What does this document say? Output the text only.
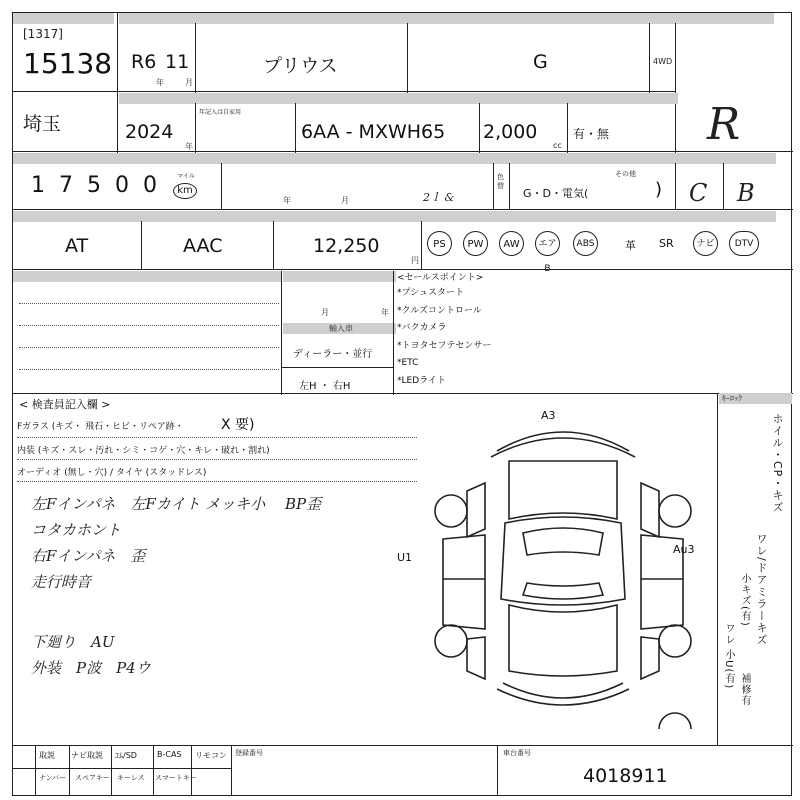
[1317]
15138 R6 11
年	月
プリウス	G	4WD
R
埼玉	2024
年
年記入は自家用
6AA - MXWH65 2,000
cc
有・無
17500 マイル
km
年	月	2ｌ &
色替
G・D・電気(
その他
) C B
AT	AAC	12,250
円
PS	PW	AW	エアB
ABS	革 SR	ナビ	DTV
月	年
輸入車
ディーラー・並行
左H ・ 右H
<セールスポイント>
*プシュスタート
*クルズコントロール
*バクカメラ
*トヨタセフテセンサー
*ETC
*LEDライト
< 検査員記入欄 >
Fガラス (キズ・ 飛石・ヒビ・リペア跡・	X 要)
内装 (キズ・スレ・汚れ・シミ・コゲ・穴・キレ・破れ・割れ)
オーディオ (無し・穴) / タイヤ (スタッドレス)
左Fインパネ　左Fカイト メッキ小
コタカホント
右Fインパネ　歪
走行時音
下廻り　AU
外装　P波　P4ウ
BP歪
A3
U1
Au3
ｷｰﾛｯｸ
ホイル・CP・キズ
ワレ/ドアミラーキズ
小キズ(有)
ワレ 小U(有)
補修有
取説 ナビ取説 ｺﾑ/SD	B-CAS リモコン
ナンバー スペアキー キーレス スマートキー
登録番号	車台番号
4018911
